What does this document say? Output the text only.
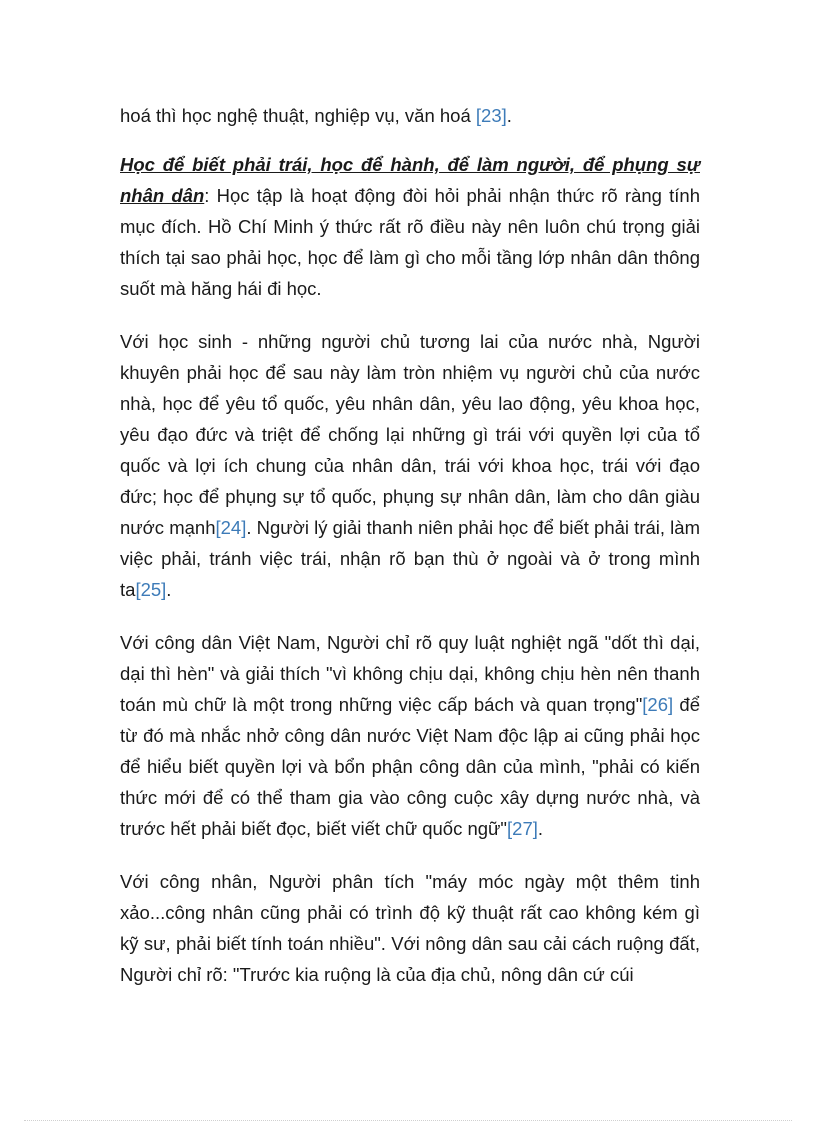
hoá thì học nghệ thuật, nghiệp vụ, văn hoá [23].

Học để biết phải trái, học để hành, để làm người, để phụng sự nhân dân: Học tập là hoạt động đòi hỏi phải nhận thức rõ ràng tính mục đích. Hồ Chí Minh ý thức rất rõ điều này nên luôn chú trọng giải thích tại sao phải học, học để làm gì cho mỗi tầng lớp nhân dân thông suốt mà hăng hái đi học.

Với học sinh - những người chủ tương lai của nước nhà, Người khuyên phải học để sau này làm tròn nhiệm vụ người chủ của nước nhà, học để yêu tổ quốc, yêu nhân dân, yêu lao động, yêu khoa học, yêu đạo đức và triệt để chống lại những gì trái với quyền lợi của tổ quốc và lợi ích chung của nhân dân, trái với khoa học, trái với đạo đức; học để phụng sự tổ quốc, phụng sự nhân dân, làm cho dân giàu nước mạnh[24]. Người lý giải thanh niên phải học để biết phải trái, làm việc phải, tránh việc trái, nhận rõ bạn thù ở ngoài và ở trong mình ta[25].

Với công dân Việt Nam, Người chỉ rõ quy luật nghiệt ngã "dốt thì dại, dại thì hèn" và giải thích "vì không chịu dại, không chịu hèn nên thanh toán mù chữ là một trong những việc cấp bách và quan trọng"[26] để từ đó mà nhắc nhở công dân nước Việt Nam độc lập ai cũng phải học để hiểu biết quyền lợi và bổn phận công dân của mình, "phải có kiến thức mới để có thể tham gia vào công cuộc xây dựng nước nhà, và trước hết phải biết đọc, biết viết chữ quốc ngữ"[27].

Với công nhân, Người phân tích "máy móc ngày một thêm tinh xảo...công nhân cũng phải có trình độ kỹ thuật rất cao không kém gì kỹ sư, phải biết tính toán nhiều". Với nông dân sau cải cách ruộng đất, Người chỉ rõ: "Trước kia ruộng là của địa chủ, nông dân cứ cúi
